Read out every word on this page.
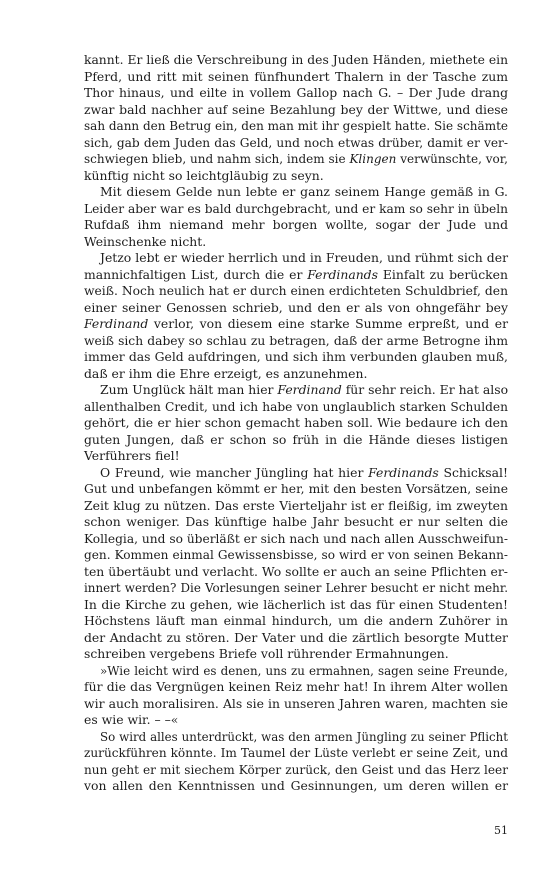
kannt. Er ließ die Verschreibung in des Juden Händen, miethete ein
Pferd, und ritt mit seinen fünfhundert Thalern in der Tasche zum
Thor hinaus, und eilte in vollem Gallop nach G. – Der Jude drang
zwar bald nachher auf seine Bezahlung bey der Wittwe, und diese
sah dann den Betrug ein, den man mit ihr gespielt hatte. Sie schämte
sich, gab dem Juden das Geld, und noch etwas drüber, damit er ver-
schwiegen blieb, und nahm sich, indem sie Klingen verwünschte, vor,
künftig nicht so leichtgläubig zu seyn.
Mit diesem Gelde nun lebte er ganz seinem Hange gemäß in G.
Leider aber war es bald durchgebracht, und er kam so sehr in übeln
Rufdaß ihm niemand mehr borgen wollte, sogar der Jude und
Weinschenke nicht.
Jetzo lebt er wieder herrlich und in Freuden, und rühmt sich der
mannichfaltigen List, durch die er Ferdinands Einfalt zu berücken
weiß. Noch neulich hat er durch einen erdichteten Schuldbrief, den
einer seiner Genossen schrieb, und den er als von ohngefähr bey
Ferdinand verlor, von diesem eine starke Summe erpreßt, und er
weiß sich dabey so schlau zu betragen, daß der arme Betrogne ihm
immer das Geld aufdringen, und sich ihm verbunden glauben muß,
daß er ihm die Ehre erzeigt, es anzunehmen.
Zum Unglück hält man hier Ferdinand für sehr reich. Er hat also
allenthalben Credit, und ich habe von unglaublich starken Schulden
gehört, die er hier schon gemacht haben soll. Wie bedaure ich den
guten Jungen, daß er schon so früh in die Hände dieses listigen
Verführers fiel!
O Freund, wie mancher Jüngling hat hier Ferdinands Schicksal!
Gut und unbefangen kömmt er her, mit den besten Vorsätzen, seine
Zeit klug zu nützen. Das erste Vierteljahr ist er fleißig, im zweyten
schon weniger. Das künftige halbe Jahr besucht er nur selten die
Kollegia, und so überläßt er sich nach und nach allen Ausschweifun-
gen. Kommen einmal Gewissensbisse, so wird er von seinen Bekann-
ten übertäubt und verlacht. Wo sollte er auch an seine Pflichten er-
innert werden? Die Vorlesungen seiner Lehrer besucht er nicht mehr.
In die Kirche zu gehen, wie lächerlich ist das für einen Studenten!
Höchstens läuft man einmal hindurch, um die andern Zuhörer in
der Andacht zu stören. Der Vater und die zärtlich besorgte Mutter
schreiben vergebens Briefe voll rührender Ermahnungen.
»Wie leicht wird es denen, uns zu ermahnen, sagen seine Freunde,
für die das Vergnügen keinen Reiz mehr hat! In ihrem Alter wollen
wir auch moralisiren. Als sie in unseren Jahren waren, machten sie
es wie wir. – –«
So wird alles unterdrückt, was den armen Jüngling zu seiner Pflicht
zurückführen könnte. Im Taumel der Lüste verlebt er seine Zeit, und
nun geht er mit siechem Körper zurück, den Geist und das Herz leer
von allen den Kenntnissen und Gesinnungen, um deren willen er
51
